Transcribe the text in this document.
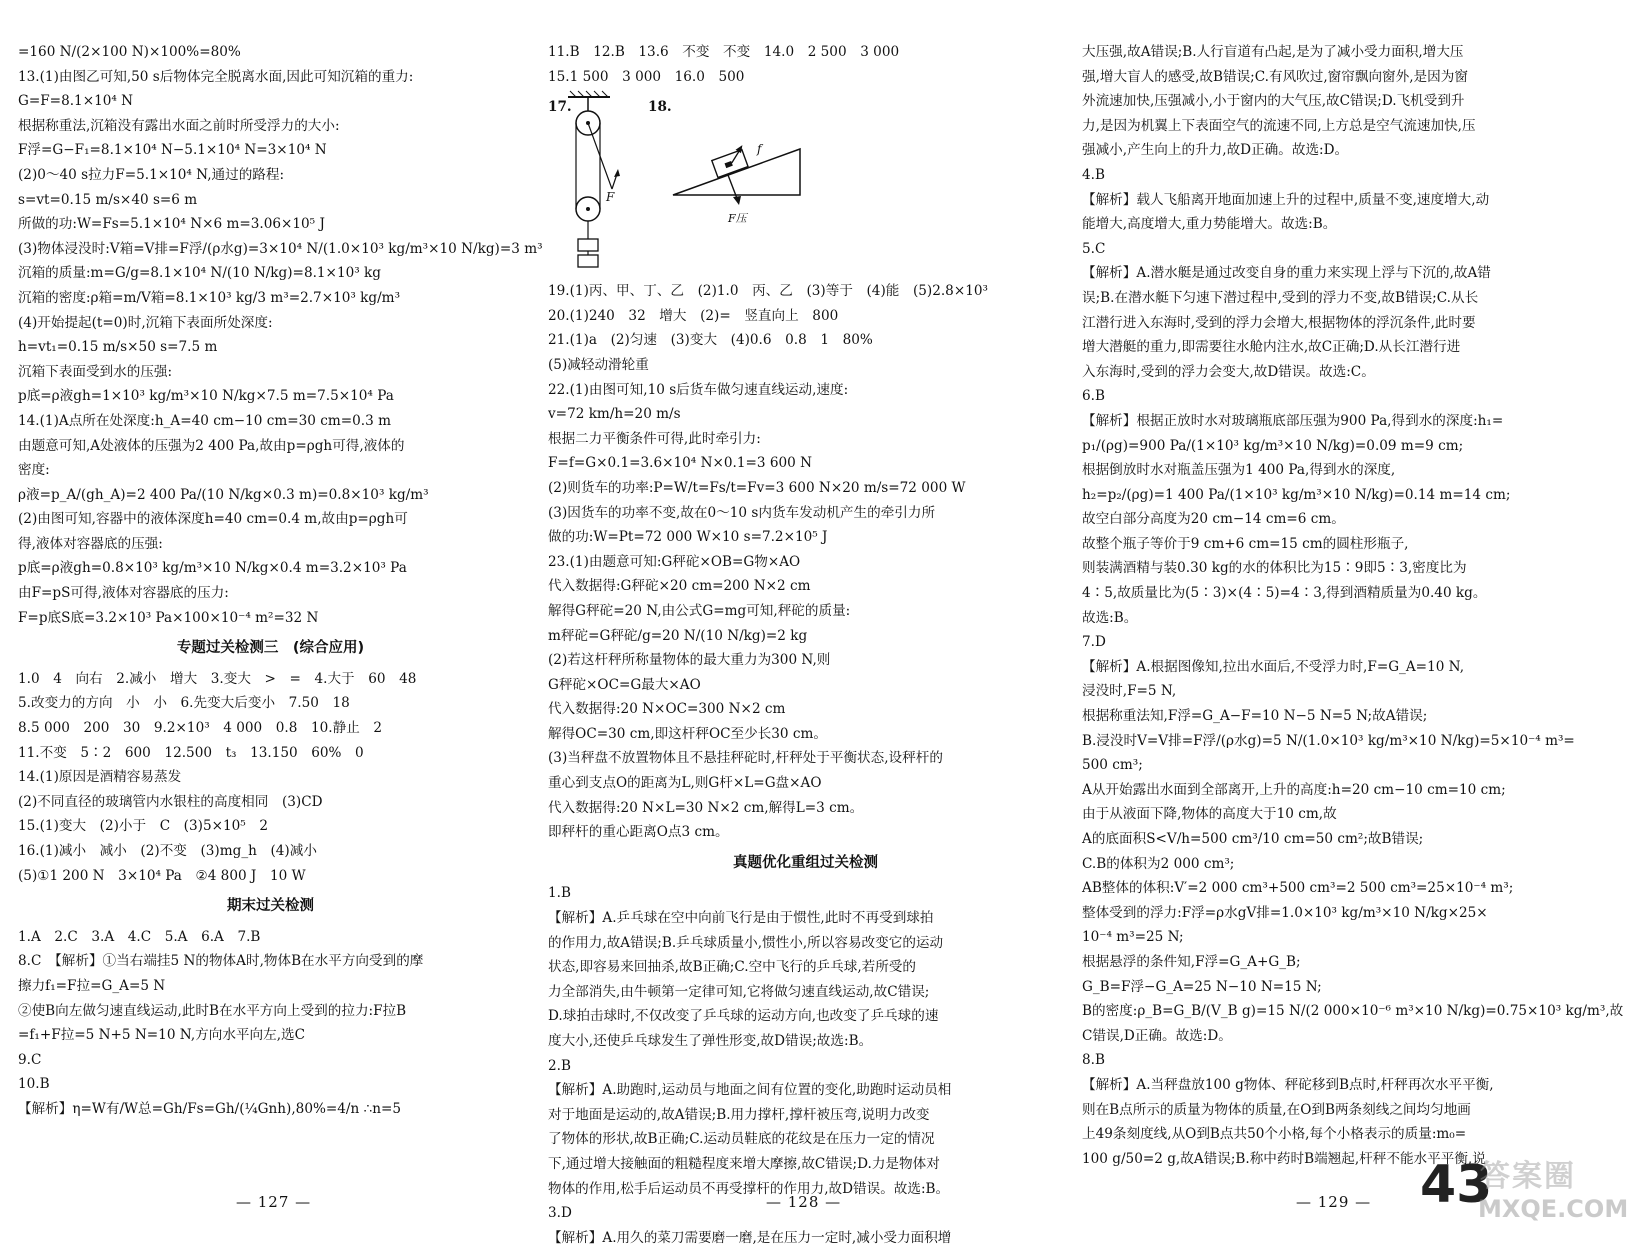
=160 N/(2×100 N)×100%=80%
13.(1)由图乙可知,50 s后物体完全脱离水面,因此可知沉箱的重力:
G=F=8.1×10⁴ N
根据称重法,沉箱没有露出水面之前时所受浮力的大小:
F浮=G−F₁=8.1×10⁴ N−5.1×10⁴ N=3×10⁴ N
(2)0～40 s拉力F=5.1×10⁴ N,通过的路程:
s=vt=0.15 m/s×40 s=6 m
所做的功:W=Fs=5.1×10⁴ N×6 m=3.06×10⁵ J
(3)物体浸没时:V箱=V排=F浮/(ρ水g)=3×10⁴ N/(1.0×10³ kg/m³×10 N/kg)=3 m³
沉箱的质量:m=G/g=8.1×10⁴ N/(10 N/kg)=8.1×10³ kg
沉箱的密度:ρ箱=m/V箱=8.1×10³ kg/3 m³=2.7×10³ kg/m³
(4)开始提起(t=0)时,沉箱下表面所处深度:
h=vt₁=0.15 m/s×50 s=7.5 m
沉箱下表面受到水的压强:
p底=ρ液gh=1×10³ kg/m³×10 N/kg×7.5 m=7.5×10⁴ Pa
14.(1)A点所在处深度:h_A=40 cm−10 cm=30 cm=0.3 m
由题意可知,A处液体的压强为2 400 Pa,故由p=ρgh可得,液体的
密度:
ρ液=p_A/(gh_A)=2 400 Pa/(10 N/kg×0.3 m)=0.8×10³ kg/m³
(2)由图可知,容器中的液体深度h=40 cm=0.4 m,故由p=ρgh可
得,液体对容器底的压强:
p底=ρ液gh=0.8×10³ kg/m³×10 N/kg×0.4 m=3.2×10³ Pa
由F=pS可得,液体对容器底的压力:
F=p底S底=3.2×10³ Pa×100×10⁻⁴ m²=32 N
专题过关检测三　(综合应用)
1.0　4　向右　2.减小　增大　3.变大　>　=　4.大于　60　48
5.改变力的方向　小　小　6.先变大后变小　7.50　18
8.5 000　200　30　9.2×10³　4 000　0.8　10.静止　2
11.不变　5∶2　600　12.500　t₃　13.150　60%　0
14.(1)原因是酒精容易蒸发
(2)不同直径的玻璃管内水银柱的高度相同　(3)CD
15.(1)变大　(2)小于　C　(3)5×10⁵　2
16.(1)减小　减小　(2)不变　(3)mg_h　(4)减小
(5)①1 200 N　3×10⁴ Pa　②4 800 J　10 W
期末过关检测
1.A　2.C　3.A　4.C　5.A　6.A　7.B
8.C　【解析】①当右端挂5 N的物体A时,物体B在水平方向受到的摩
擦力f₁=F拉=G_A=5 N
②使B向左做匀速直线运动,此时B在水平方向上受到的拉力:F拉B
=f₁+F拉=5 N+5 N=10 N,方向水平向左,选C
9.C
10.B
【解析】η=W有/W总=Gh/Fs=Gh/(¼Gnh),80%=4/n ∴n=5
11.B　12.B　13.6　不变　不变　14.0　2 500　3 000
15.1 500　3 000　16.0　500
17.	18.
f
F
F压
19.(1)丙、甲、丁、乙　(2)1.0　丙、乙　(3)等于　(4)能　(5)2.8×10³
20.(1)240　32　增大　(2)=　竖直向上　800
21.(1)a　(2)匀速　(3)变大　(4)0.6　0.8　1　80%
(5)减轻动滑轮重
22.(1)由图可知,10 s后货车做匀速直线运动,速度:
v=72 km/h=20 m/s
根据二力平衡条件可得,此时牵引力:
F=f=G×0.1=3.6×10⁴ N×0.1=3 600 N
(2)则货车的功率:P=W/t=Fs/t=Fv=3 600 N×20 m/s=72 000 W
(3)因货车的功率不变,故在0～10 s内货车发动机产生的牵引力所
做的功:W=Pt=72 000 W×10 s=7.2×10⁵ J
23.(1)由题意可知:G秤砣×OB=G物×AO
代入数据得:G秤砣×20 cm=200 N×2 cm
解得G秤砣=20 N,由公式G=mg可知,秤砣的质量:
m秤砣=G秤砣/g=20 N/(10 N/kg)=2 kg
(2)若这杆秤所称量物体的最大重力为300 N,则
G秤砣×OC=G最大×AO
代入数据得:20 N×OC=300 N×2 cm
解得OC=30 cm,即这杆秤OC至少长30 cm。
(3)当秤盘不放置物体且不悬挂秤砣时,杆秤处于平衡状态,设秤杆的
重心到支点O的距离为L,则G杆×L=G盘×AO
代入数据得:20 N×L=30 N×2 cm,解得L=3 cm。
即秤杆的重心距离O点3 cm。
真题优化重组过关检测
1.B
【解析】A.乒乓球在空中向前飞行是由于惯性,此时不再受到球拍
的作用力,故A错误;B.乒乓球质量小,惯性小,所以容易改变它的运动
状态,即容易来回抽杀,故B正确;C.空中飞行的乒乓球,若所受的
力全部消失,由牛顿第一定律可知,它将做匀速直线运动,故C错误;
D.球拍击球时,不仅改变了乒乓球的运动方向,也改变了乒乓球的速
度大小,还使乒乓球发生了弹性形变,故D错误;故选:B。
2.B
【解析】A.助跑时,运动员与地面之间有位置的变化,助跑时运动员相
对于地面是运动的,故A错误;B.用力撑杆,撑杆被压弯,说明力改变
了物体的形状,故B正确;C.运动员鞋底的花纹是在压力一定的情况
下,通过增大接触面的粗糙程度来增大摩擦,故C错误;D.力是物体对
物体的作用,松手后运动员不再受撑杆的作用力,故D错误。故选:B。
3.D
【解析】A.用久的菜刀需要磨一磨,是在压力一定时,减小受力面积增
大压强,故A错误;B.人行盲道有凸起,是为了减小受力面积,增大压
强,增大盲人的感受,故B错误;C.有风吹过,窗帘飘向窗外,是因为窗
外流速加快,压强减小,小于窗内的大气压,故C错误;D.飞机受到升
力,是因为机翼上下表面空气的流速不同,上方总是空气流速加快,压
强减小,产生向上的升力,故D正确。故选:D。
4.B
【解析】载人飞船离开地面加速上升的过程中,质量不变,速度增大,动
能增大,高度增大,重力势能增大。故选:B。
5.C
【解析】A.潜水艇是通过改变自身的重力来实现上浮与下沉的,故A错
误;B.在潜水艇下匀速下潜过程中,受到的浮力不变,故B错误;C.从长
江潜行进入东海时,受到的浮力会增大,根据物体的浮沉条件,此时要
增大潜艇的重力,即需要往水舱内注水,故C正确;D.从长江潜行进
入东海时,受到的浮力会变大,故D错误。故选:C。
6.B
【解析】根据正放时水对玻璃瓶底部压强为900 Pa,得到水的深度:h₁=
p₁/(ρg)=900 Pa/(1×10³ kg/m³×10 N/kg)=0.09 m=9 cm;
根据倒放时水对瓶盖压强为1 400 Pa,得到水的深度,
h₂=p₂/(ρg)=1 400 Pa/(1×10³ kg/m³×10 N/kg)=0.14 m=14 cm;
故空白部分高度为20 cm−14 cm=6 cm。
故整个瓶子等价于9 cm+6 cm=15 cm的圆柱形瓶子,
则装满酒精与装0.30 kg的水的体积比为15∶9即5∶3,密度比为
4∶5,故质量比为(5∶3)×(4∶5)=4∶3,得到酒精质量为0.40 kg。
故选:B。
7.D
【解析】A.根据图像知,拉出水面后,不受浮力时,F=G_A=10 N,
浸没时,F=5 N,
根据称重法知,F浮=G_A−F=10 N−5 N=5 N;故A错误;
B.浸没时V=V排=F浮/(ρ水g)=5 N/(1.0×10³ kg/m³×10 N/kg)=5×10⁻⁴ m³=
500 cm³;
A从开始露出水面到全部离开,上升的高度:h=20 cm−10 cm=10 cm;
由于从液面下降,物体的高度大于10 cm,故
A的底面积S<V/h=500 cm³/10 cm=50 cm²;故B错误;
C.B的体积为2 000 cm³;
AB整体的体积:V′=2 000 cm³+500 cm³=2 500 cm³=25×10⁻⁴ m³;
整体受到的浮力:F浮=ρ水gV排=1.0×10³ kg/m³×10 N/kg×25×
10⁻⁴ m³=25 N;
根据悬浮的条件知,F浮=G_A+G_B;
G_B=F浮−G_A=25 N−10 N=15 N;
B的密度:ρ_B=G_B/(V_B g)=15 N/(2 000×10⁻⁶ m³×10 N/kg)=0.75×10³ kg/m³,故
C错误,D正确。故选:D。
8.B
【解析】A.当秤盘放100 g物体、秤砣移到B点时,杆秤再次水平平衡,
则在B点所示的质量为物体的质量,在O到B两条刻线之间均匀地画
上49条刻度线,从O到B点共50个小格,每个小格表示的质量:m₀=
100 g/50=2 g,故A错误;B.称中药时B端翘起,杆秤不能水平平衡,说
— 127 —	— 128 —	— 129 — 43
答案圈
MXQE.COM
